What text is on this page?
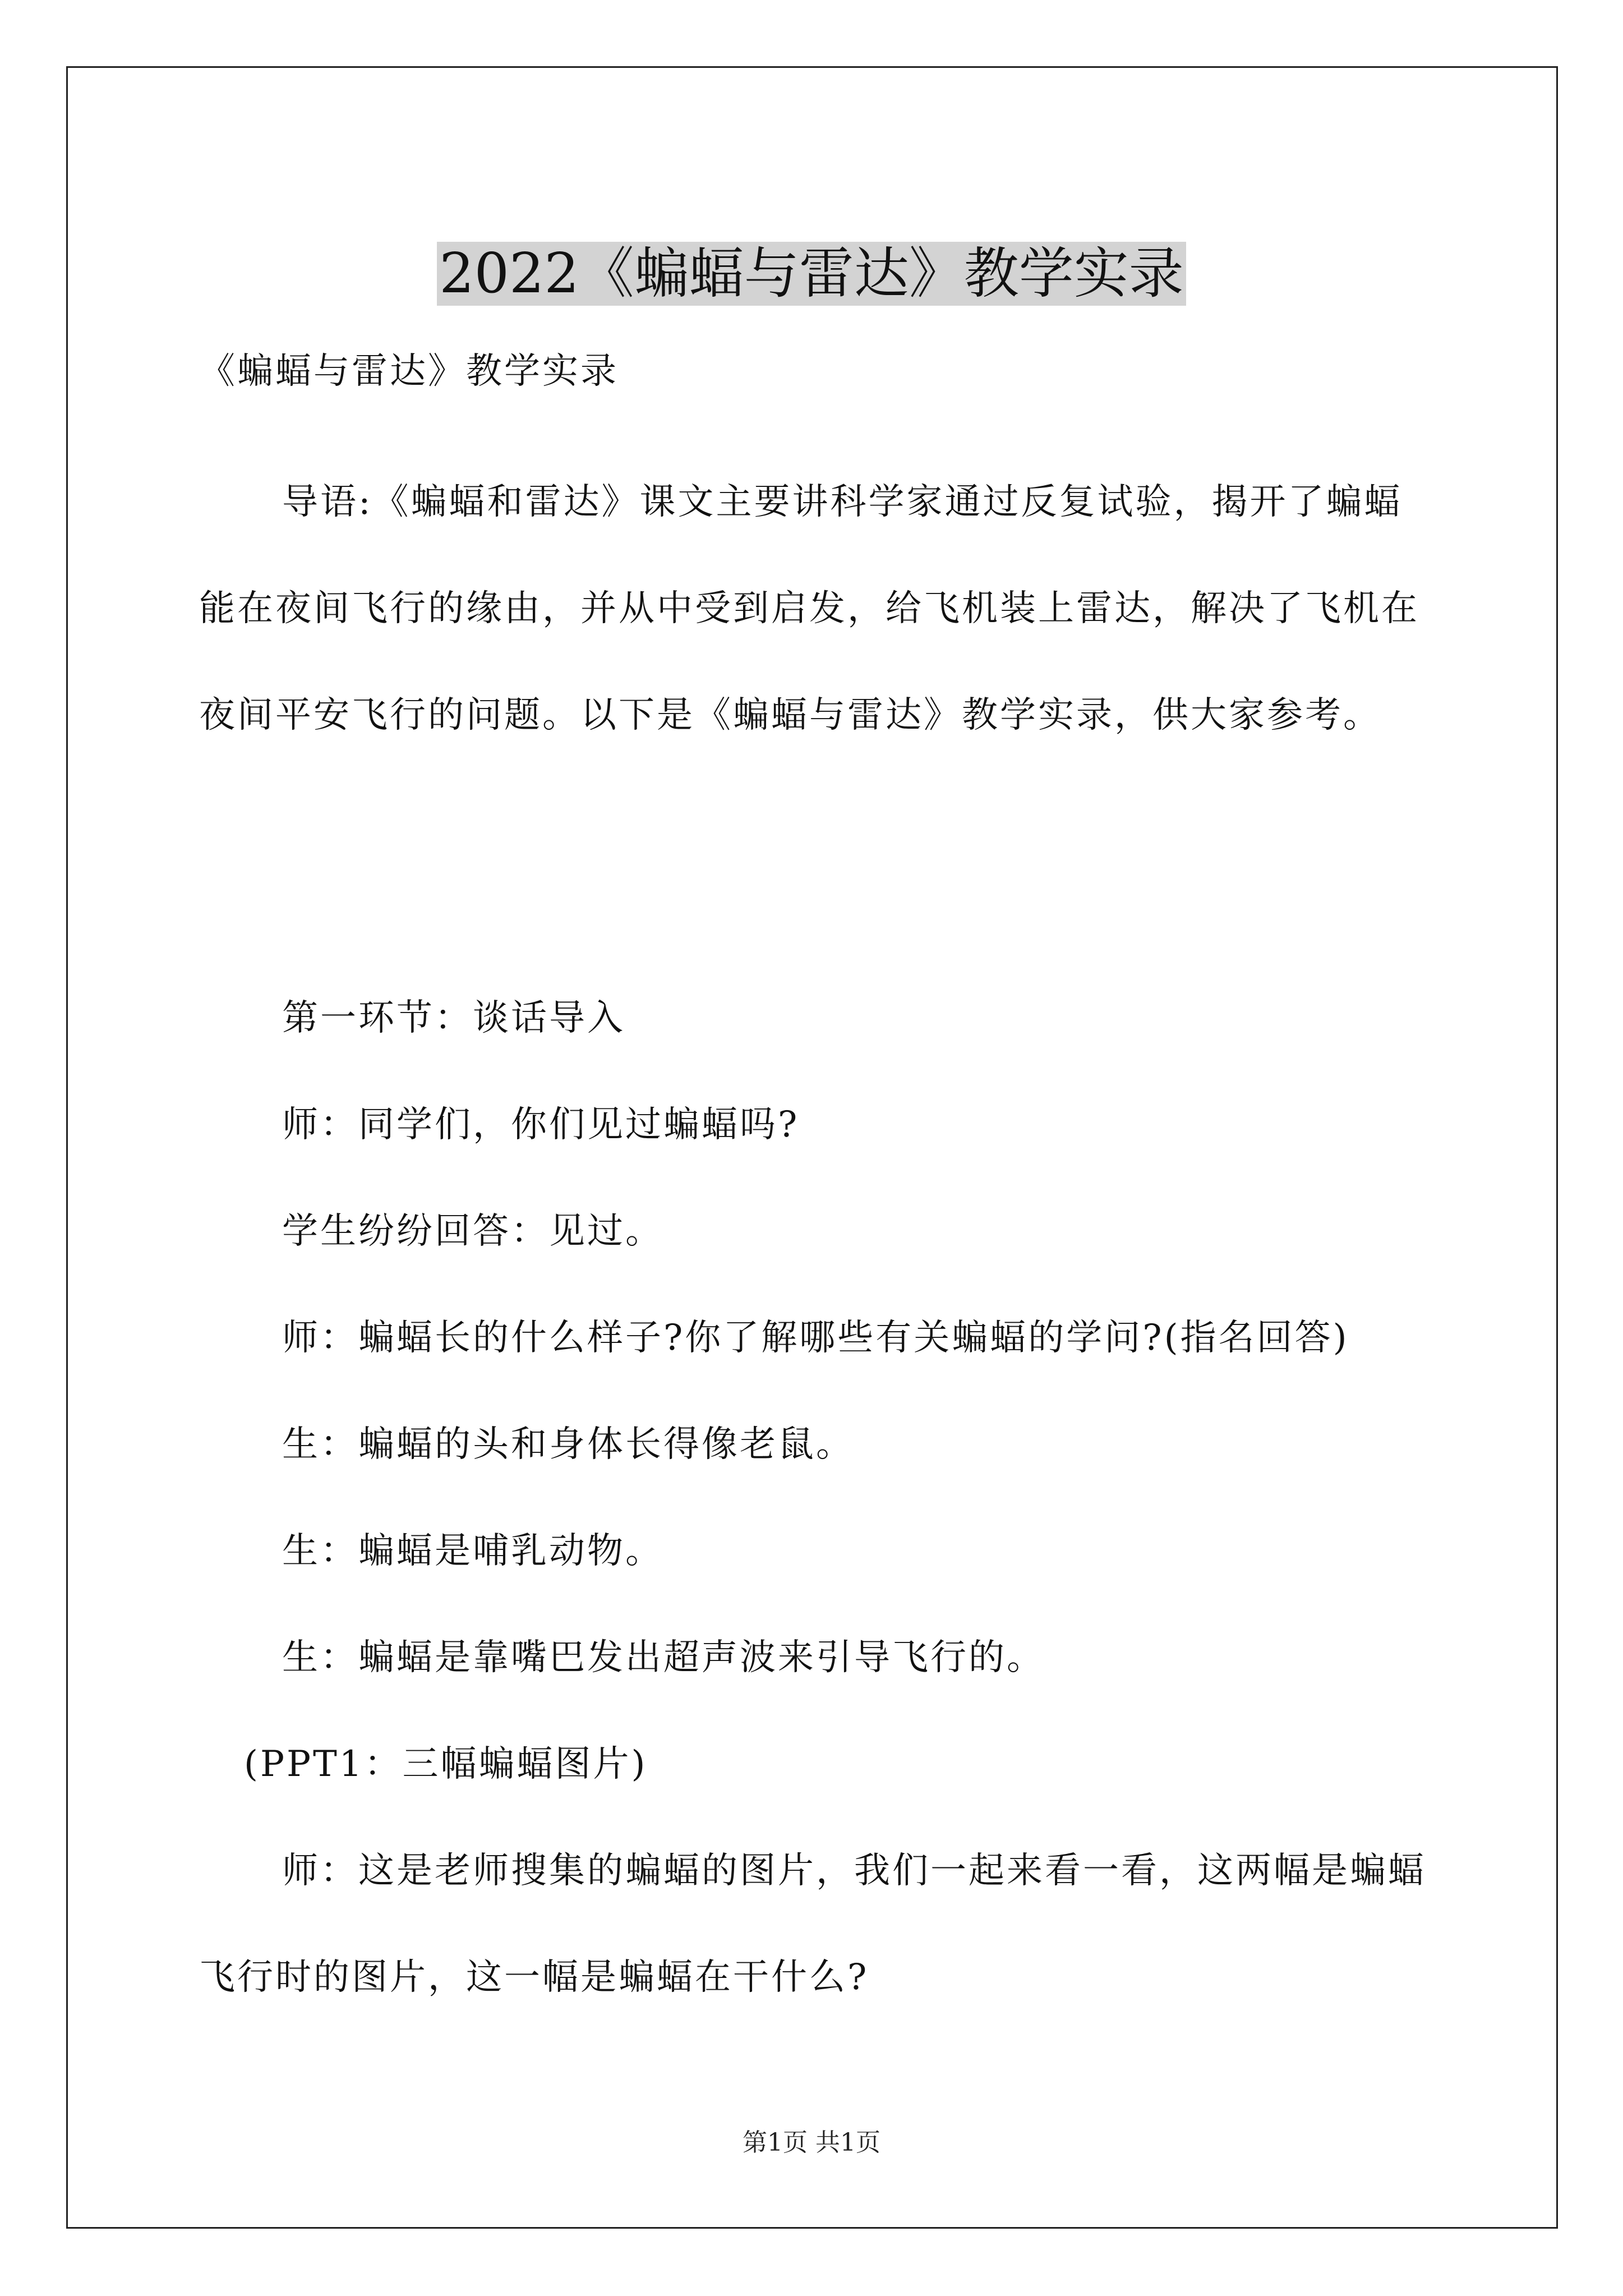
2022《蝙蝠与雷达》教学实录
《蝙蝠与雷达》教学实录

导语:《蝙蝠和雷达》课文主要讲科学家通过反复试验，揭开了蝙蝠能在夜间飞行的缘由，并从中受到启发，给飞机装上雷达，解决了飞机在夜间平安飞行的问题。以下是《蝙蝠与雷达》教学实录，供大家参考。

第一环节：谈话导入

师：同学们，你们见过蝙蝠吗?

学生纷纷回答：见过。

师：蝙蝠长的什么样子?你了解哪些有关蝙蝠的学问?(指名回答)

生：蝙蝠的头和身体长得像老鼠。

生：蝙蝠是哺乳动物。

生：蝙蝠是靠嘴巴发出超声波来引导飞行的。

(PPT1：三幅蝙蝠图片)

师：这是老师搜集的蝙蝠的图片，我们一起来看一看，这两幅是蝙蝠飞行时的图片，这一幅是蝙蝠在干什么?

第1页 共1页
